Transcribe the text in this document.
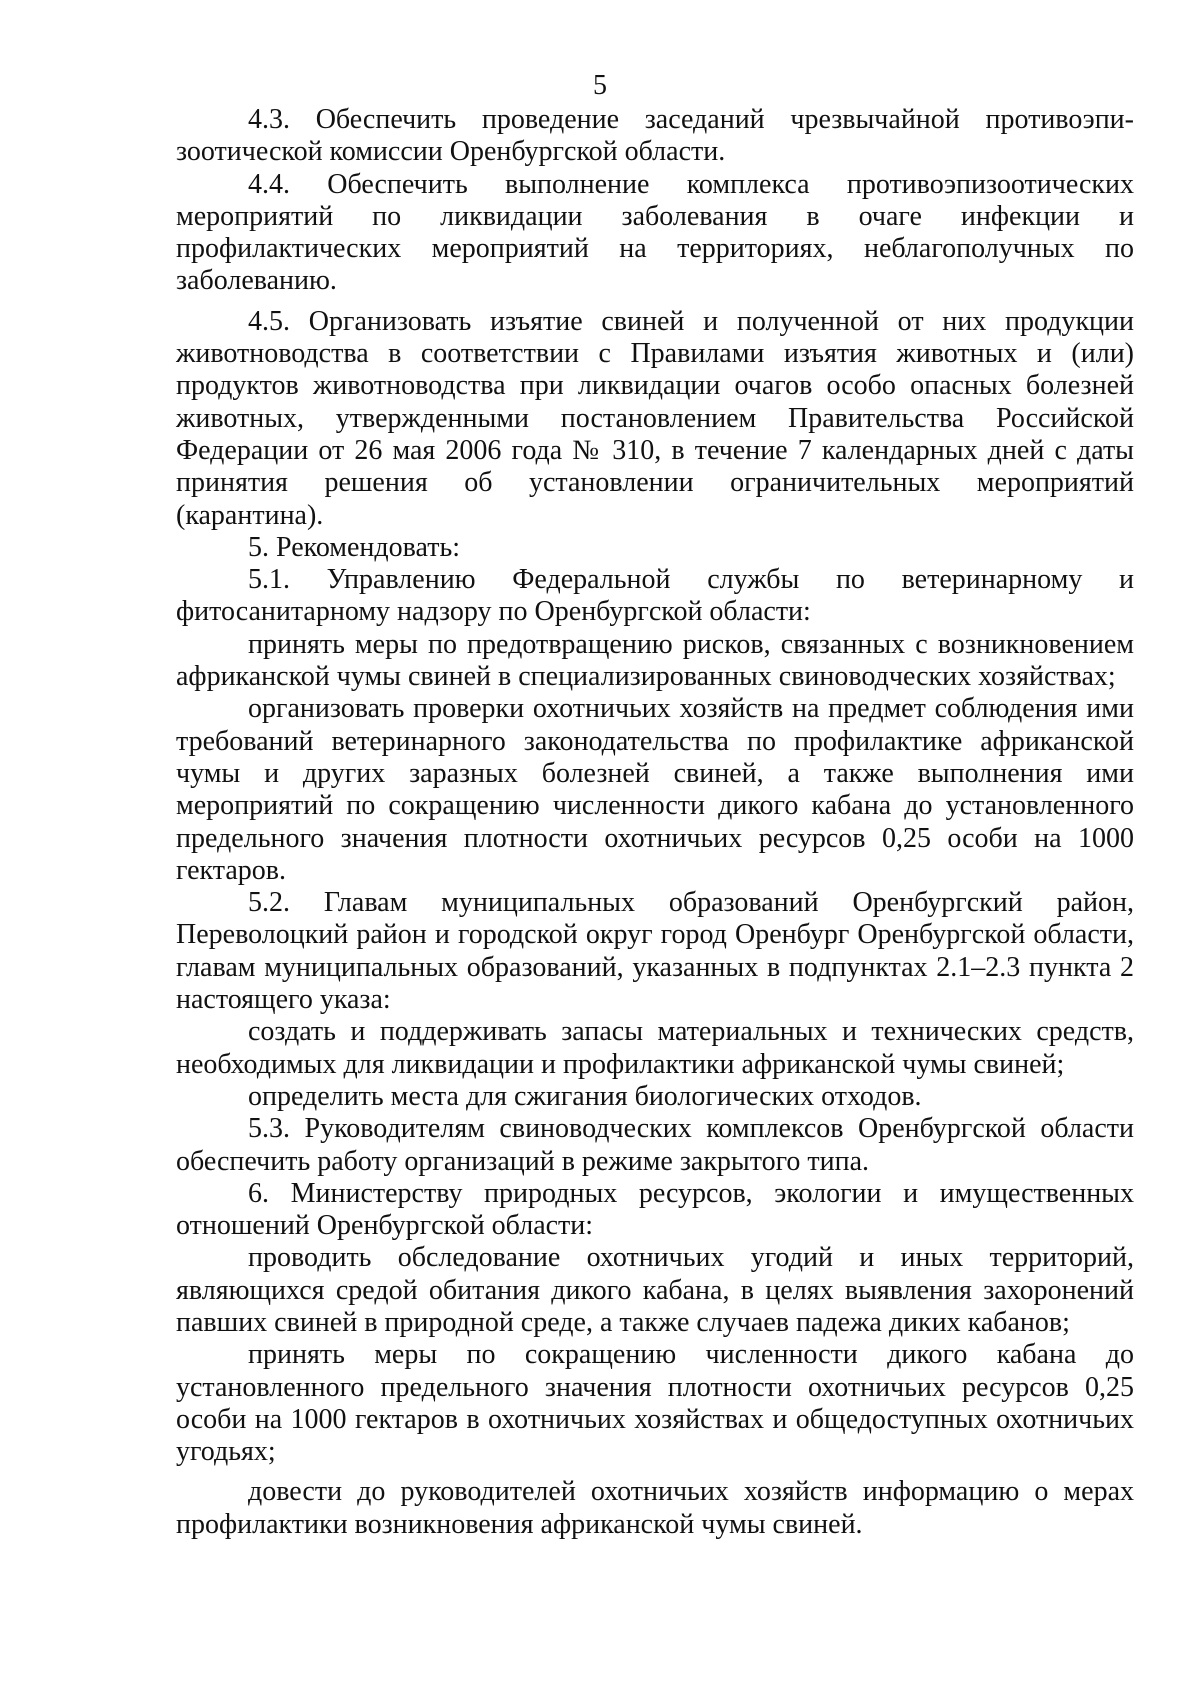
5

4.3. Обеспечить проведение заседаний чрезвычайной противоэпи-зоотической комиссии Оренбургской области.

4.4. Обеспечить выполнение комплекса противоэпизоотических мероприятий по ликвидации заболевания в очаге инфекции и профилактических мероприятий на территориях, неблагополучных по заболеванию.

4.5. Организовать изъятие свиней и полученной от них продукции животноводства в соответствии с Правилами изъятия животных и (или) продуктов животноводства при ликвидации очагов особо опасных болезней животных, утвержденными постановлением Правительства Российской Федерации от 26 мая 2006 года № 310, в течение 7 календарных дней с даты принятия решения об установлении ограничительных мероприятий (карантина).

5. Рекомендовать:

5.1. Управлению Федеральной службы по ветеринарному и фитосанитарному надзору по Оренбургской области:

принять меры по предотвращению рисков, связанных с возникновением африканской чумы свиней в специализированных свиноводческих хозяйствах;

организовать проверки охотничьих хозяйств на предмет соблюдения ими требований ветеринарного законодательства по профилактике африканской чумы и других заразных болезней свиней, а также выполнения ими мероприятий по сокращению численности дикого кабана до установленного предельного значения плотности охотничьих ресурсов 0,25 особи на 1000 гектаров.

5.2. Главам муниципальных образований Оренбургский район, Переволоцкий район и городской округ город Оренбург Оренбургской области, главам муниципальных образований, указанных в подпунктах 2.1–2.3 пункта 2 настоящего указа:

создать и поддерживать запасы материальных и технических средств, необходимых для ликвидации и профилактики африканской чумы свиней;

определить места для сжигания биологических отходов.

5.3. Руководителям свиноводческих комплексов Оренбургской области обеспечить работу организаций в режиме закрытого типа.

6. Министерству природных ресурсов, экологии и имущественных отношений Оренбургской области:

проводить обследование охотничьих угодий и иных территорий, являющихся средой обитания дикого кабана, в целях выявления захоронений павших свиней в природной среде, а также случаев падежа диких кабанов;

принять меры по сокращению численности дикого кабана до установленного предельного значения плотности охотничьих ресурсов 0,25 особи на 1000 гектаров в охотничьих хозяйствах и общедоступных охотничьих угодьях;

довести до руководителей охотничьих хозяйств информацию о мерах профилактики возникновения африканской чумы свиней.
